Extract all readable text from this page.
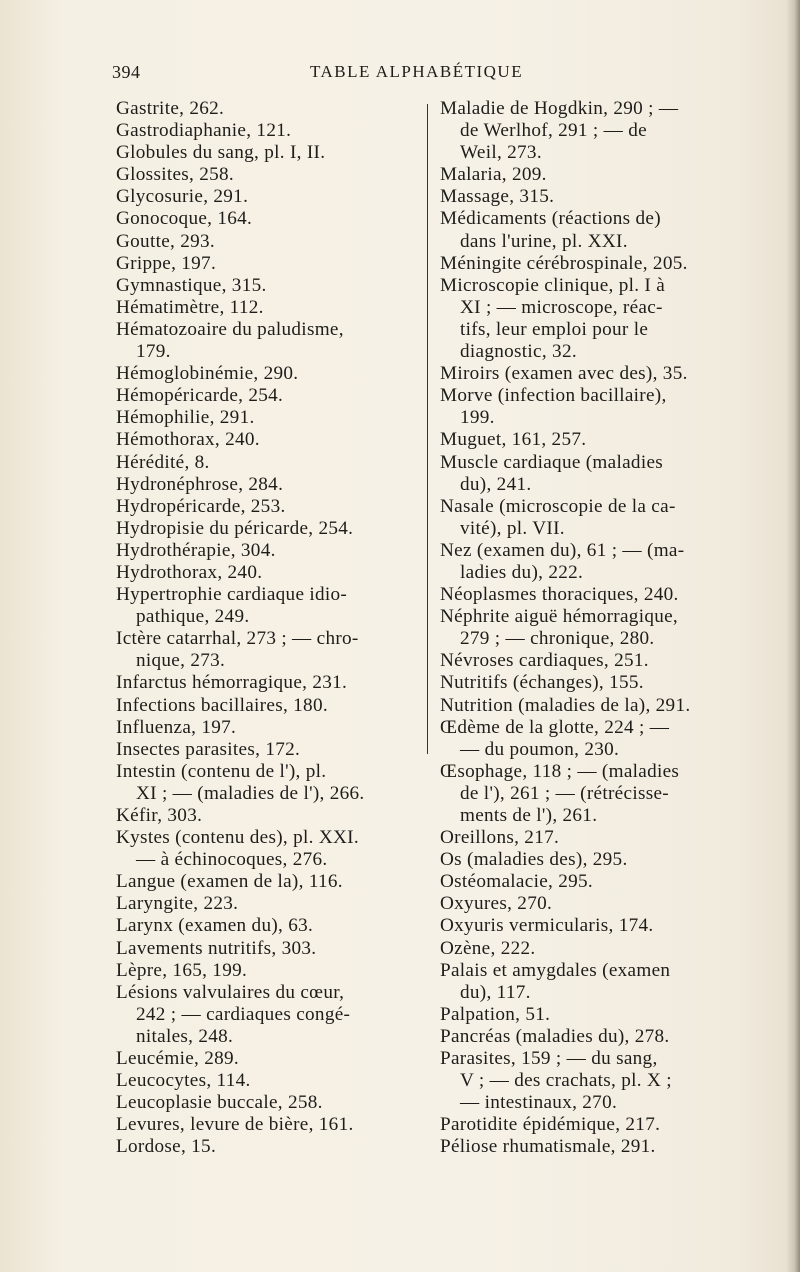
394	TABLE ALPHABÉTIQUE
Gastrite, 262.
Gastrodiaphanie, 121.
Globules du sang, pl. I, II.
Glossites, 258.
Glycosurie, 291.
Gonocoque, 164.
Goutte, 293.
Grippe, 197.
Gymnastique, 315.
Hématimètre, 112.
Hématozoaire du paludisme,
179.
Hémoglobinémie, 290.
Hémopéricarde, 254.
Hémophilie, 291.
Hémothorax, 240.
Hérédité, 8.
Hydronéphrose, 284.
Hydropéricarde, 253.
Hydropisie du péricarde, 254.
Hydrothérapie, 304.
Hydrothorax, 240.
Hypertrophie cardiaque idio-
pathique, 249.
Ictère catarrhal, 273 ; — chro-
nique, 273.
Infarctus hémorragique, 231.
Infections bacillaires, 180.
Influenza, 197.
Insectes parasites, 172.
Intestin (contenu de l'), pl.
XI ; — (maladies de l'), 266.
Kéfir, 303.
Kystes (contenu des), pl. XXI.
— à échinocoques, 276.
Langue (examen de la), 116.
Laryngite, 223.
Larynx (examen du), 63.
Lavements nutritifs, 303.
Lèpre, 165, 199.
Lésions valvulaires du cœur,
242 ; — cardiaques congé-
nitales, 248.
Leucémie, 289.
Leucocytes, 114.
Leucoplasie buccale, 258.
Levures, levure de bière, 161.
Lordose, 15.
Maladie de Hogdkin, 290 ; —
de Werlhof, 291 ; — de
Weil, 273.
Malaria, 209.
Massage, 315.
Médicaments (réactions de)
dans l'urine, pl. XXI.
Méningite cérébrospinale, 205.
Microscopie clinique, pl. I à
XI ; — microscope, réac-
tifs, leur emploi pour le
diagnostic, 32.
Miroirs (examen avec des), 35.
Morve (infection bacillaire),
199.
Muguet, 161, 257.
Muscle cardiaque (maladies
du), 241.
Nasale (microscopie de la ca-
vité), pl. VII.
Nez (examen du), 61 ; — (ma-
ladies du), 222.
Néoplasmes thoraciques, 240.
Néphrite aiguë hémorragique,
279 ; — chronique, 280.
Névroses cardiaques, 251.
Nutritifs (échanges), 155.
Nutrition (maladies de la), 291.
Œdème de la glotte, 224 ; —
— du poumon, 230.
Œsophage, 118 ; — (maladies
de l'), 261 ; — (rétrécisse-
ments de l'), 261.
Oreillons, 217.
Os (maladies des), 295.
Ostéomalacie, 295.
Oxyures, 270.
Oxyuris vermicularis, 174.
Ozène, 222.
Palais et amygdales (examen
du), 117.
Palpation, 51.
Pancréas (maladies du), 278.
Parasites, 159 ; — du sang,
V ; — des crachats, pl. X ;
— intestinaux, 270.
Parotidite épidémique, 217.
Péliose rhumatismale, 291.
